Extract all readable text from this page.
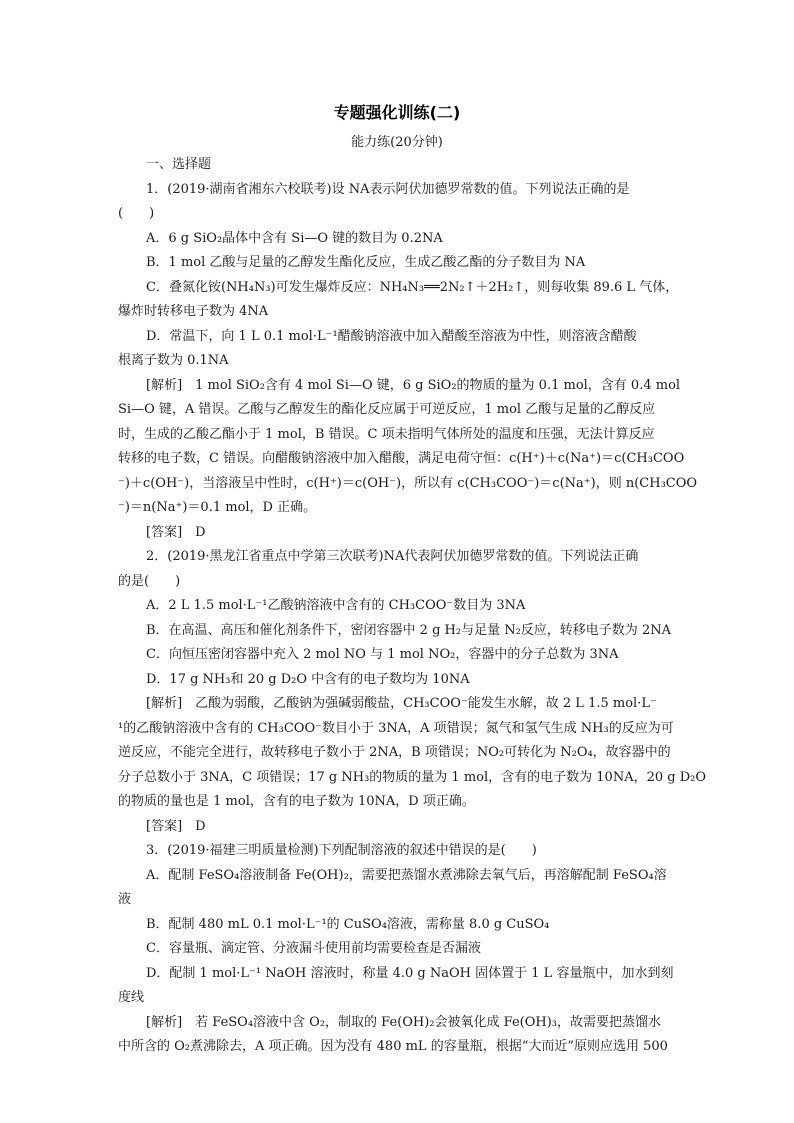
专题强化训练(二)
能力练(20分钟)
一、选择题
1．(2019·湖南省湘东六校联考)设 NA表示阿伏加德罗常数的值。下列说法正确的是
(　　)
A．6 g SiO₂晶体中含有 Si—O 键的数目为 0.2NA
B．1 mol 乙酸与足量的乙醇发生酯化反应，生成乙酸乙酯的分子数目为 NA
C．叠氮化铵(NH₄N₃)可发生爆炸反应：NH₄N₃══2N₂↑＋2H₂↑，则每收集 89.6 L 气体，
爆炸时转移电子数为 4NA
D．常温下，向 1 L 0.1 mol·L⁻¹醋酸钠溶液中加入醋酸至溶液为中性，则溶液含醋酸
根离子数为 0.1NA
[解析]　1 mol SiO₂含有 4 mol Si—O 键，6 g SiO₂的物质的量为 0.1 mol，含有 0.4 mol
Si—O 键，A 错误。乙酸与乙醇发生的酯化反应属于可逆反应，1 mol 乙酸与足量的乙醇反应
时，生成的乙酸乙酯小于 1 mol，B 错误。C 项未指明气体所处的温度和压强，无法计算反应
转移的电子数，C 错误。向醋酸钠溶液中加入醋酸，满足电荷守恒：c(H⁺)＋c(Na⁺)＝c(CH₃COO
⁻)＋c(OH⁻)，当溶液呈中性时，c(H⁺)＝c(OH⁻)，所以有 c(CH₃COO⁻)＝c(Na⁺)，则 n(CH₃COO
⁻)＝n(Na⁺)＝0.1 mol，D 正确。
[答案]　D
2．(2019·黑龙江省重点中学第三次联考)NA代表阿伏加德罗常数的值。下列说法正确
的是(　　)
A．2 L 1.5 mol·L⁻¹乙酸钠溶液中含有的 CH₃COO⁻数目为 3NA
B．在高温、高压和催化剂条件下，密闭容器中 2 g H₂与足量 N₂反应，转移电子数为 2NA
C．向恒压密闭容器中充入 2 mol NO 与 1 mol NO₂，容器中的分子总数为 3NA
D．17 g NH₃和 20 g D₂O 中含有的电子数均为 10NA
[解析]　乙酸为弱酸，乙酸钠为强碱弱酸盐，CH₃COO⁻能发生水解，故 2 L 1.5 mol·L⁻
¹的乙酸钠溶液中含有的 CH₃COO⁻数目小于 3NA，A 项错误；氮气和氢气生成 NH₃的反应为可
逆反应，不能完全进行，故转移电子数小于 2NA，B 项错误；NO₂可转化为 N₂O₄，故容器中的
分子总数小于 3NA，C 项错误；17 g NH₃的物质的量为 1 mol，含有的电子数为 10NA，20 g D₂O
的物质的量也是 1 mol，含有的电子数为 10NA，D 项正确。
[答案]　D
3．(2019·福建三明质量检测)下列配制溶液的叙述中错误的是(　　)
A．配制 FeSO₄溶液制备 Fe(OH)₂，需要把蒸馏水煮沸除去氧气后，再溶解配制 FeSO₄溶
液
B．配制 480 mL 0.1 mol·L⁻¹的 CuSO₄溶液，需称量 8.0 g CuSO₄
C．容量瓶、滴定管、分液漏斗使用前均需要检查是否漏液
D．配制 1 mol·L⁻¹ NaOH 溶液时，称量 4.0 g NaOH 固体置于 1 L 容量瓶中，加水到刻
度线
[解析]　若 FeSO₄溶液中含 O₂，制取的 Fe(OH)₂会被氧化成 Fe(OH)₃，故需要把蒸馏水
中所含的 O₂煮沸除去，A 项正确。因为没有 480 mL 的容量瓶，根据“大而近”原则应选用 500
